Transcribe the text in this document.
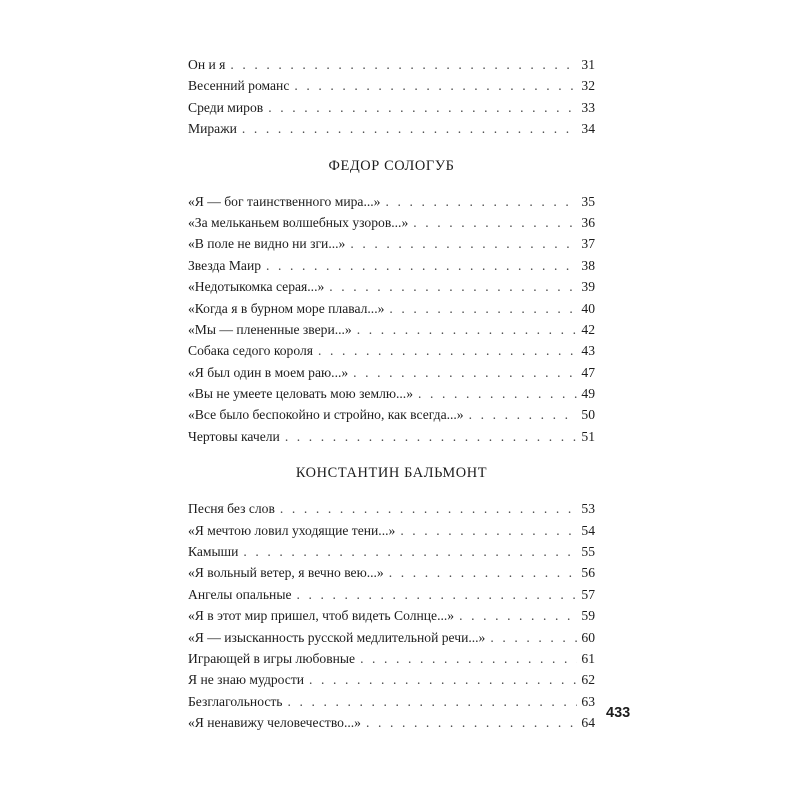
Он и я . . .	31
Весенний романс . . .	32
Среди миров . . .	33
Миражи . . .	34
ФЕДОР СОЛОГУБ
«Я — бог таинственного мира...» . . .	35
«За мельканьем волшебных узоров...» . . .	36
«В поле не видно ни зги...» . . .	37
Звезда Маир . . .	38
«Недотыкомка серая...» . . .	39
«Когда я в бурном море плавал...» . . .	40
«Мы — плененные звери...» . . .	42
Собака седого короля . . .	43
«Я был один в моем раю...» . . .	47
«Вы не умеете целовать мою землю...» . . .	49
«Все было беспокойно и стройно, как всегда...» . . .	50
Чертовы качели . . .	51
КОНСТАНТИН БАЛЬМОНТ
Песня без слов . . .	53
«Я мечтою ловил уходящие тени...» . . .	54
Камыши . . .	55
«Я вольный ветер, я вечно вею...» . . .	56
Ангелы опальные . . .	57
«Я в этот мир пришел, чтоб видеть Солнце...» . . .	59
«Я — изысканность русской медлительной речи...» . . .	60
Играющей в игры любовные . . .	61
Я не знаю мудрости . . .	62
Безглагольность . . .	63
«Я ненавижу человечество...» . . .	64
433
